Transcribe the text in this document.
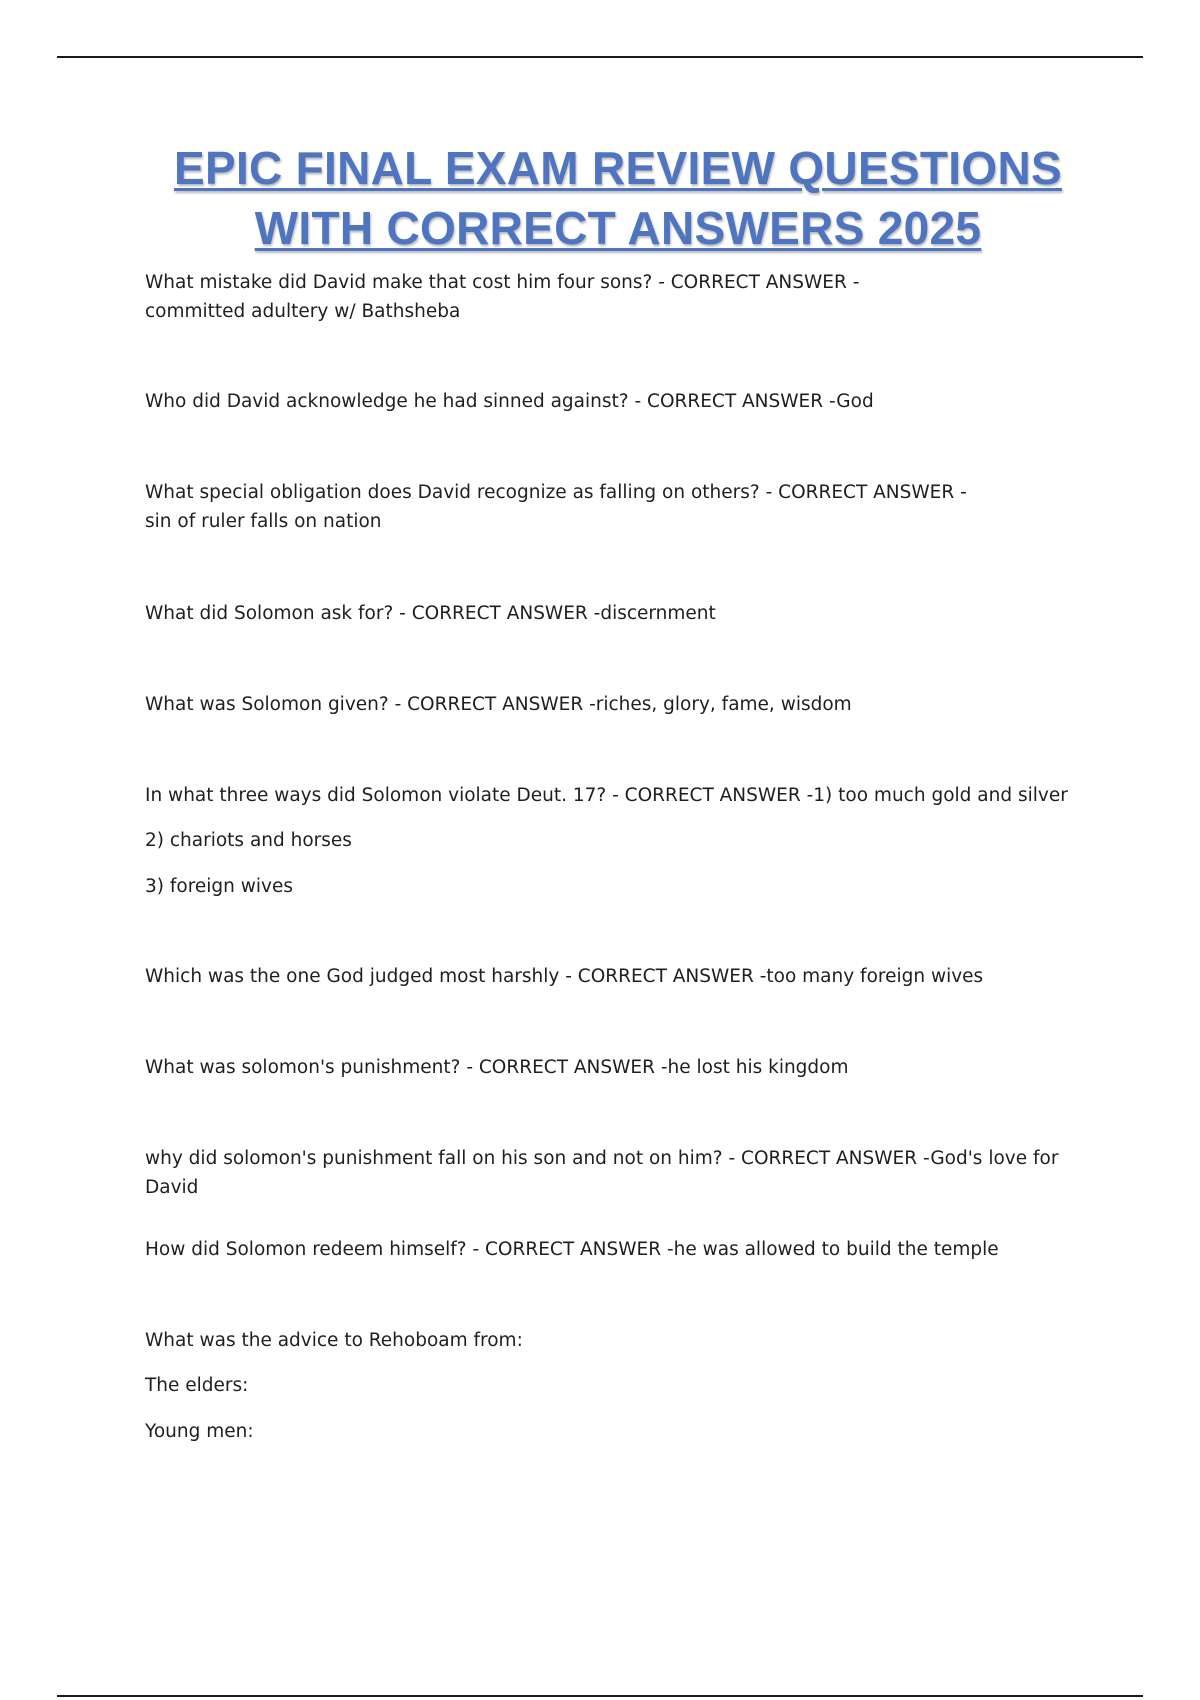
EPIC FINAL EXAM REVIEW QUESTIONS
WITH CORRECT ANSWERS 2025

What mistake did David make that cost him four sons? - CORRECT ANSWER -

committed adultery w/ Bathsheba

Who did David acknowledge he had sinned against? - CORRECT ANSWER -God

What special obligation does David recognize as falling on others? - CORRECT ANSWER -

sin of ruler falls on nation

What did Solomon ask for? - CORRECT ANSWER -discernment

What was Solomon given? - CORRECT ANSWER -riches, glory, fame, wisdom

In what three ways did Solomon violate Deut. 17? - CORRECT ANSWER -1) too much gold and silver

2) chariots and horses

3) foreign wives

Which was the one God judged most harshly - CORRECT ANSWER -too many foreign wives

What was solomon's punishment? - CORRECT ANSWER -he lost his kingdom

why did solomon's punishment fall on his son and not on him? - CORRECT ANSWER -God's love for David

How did Solomon redeem himself? - CORRECT ANSWER -he was allowed to build the temple

What was the advice to Rehoboam from:

The elders:

Young men:
